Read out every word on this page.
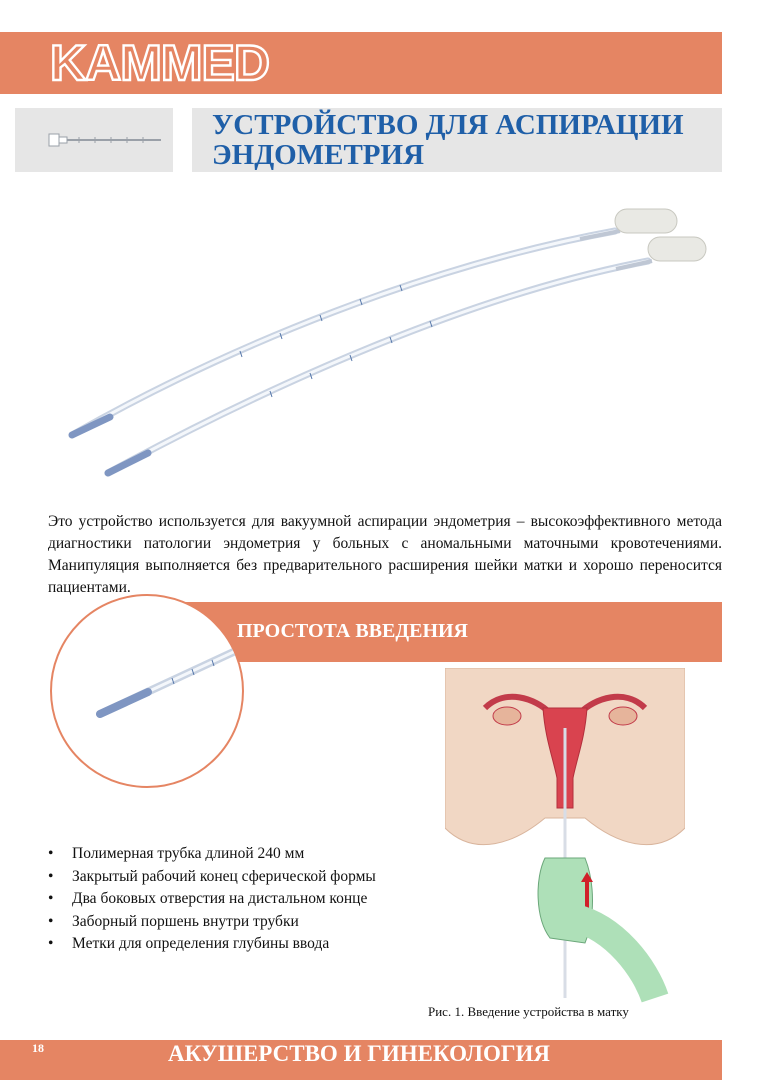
KAMMED
УСТРОЙСТВО ДЛЯ АСПИРАЦИИ
ЭНДОМЕТРИЯ

Это устройство используется для вакуумной аспирации эндометрия – высокоэффективного метода диагностики патологии эндометрия у больных с аномальными маточными кровотечениями. Манипуляция выполняется без предварительного расширения шейки матки и хорошо переносится пациентами.

ПРОСТОТА ВВЕДЕНИЯ
• Полимерная трубка длиной 240 мм
• Закрытый рабочий конец сферической формы
• Два боковых отверстия на дистальном конце
• Заборный поршень внутри трубки
• Метки для определения глубины ввода
Рис. 1. Введение устройства в матку
18	АКУШЕРСТВО И ГИНЕКОЛОГИЯ
